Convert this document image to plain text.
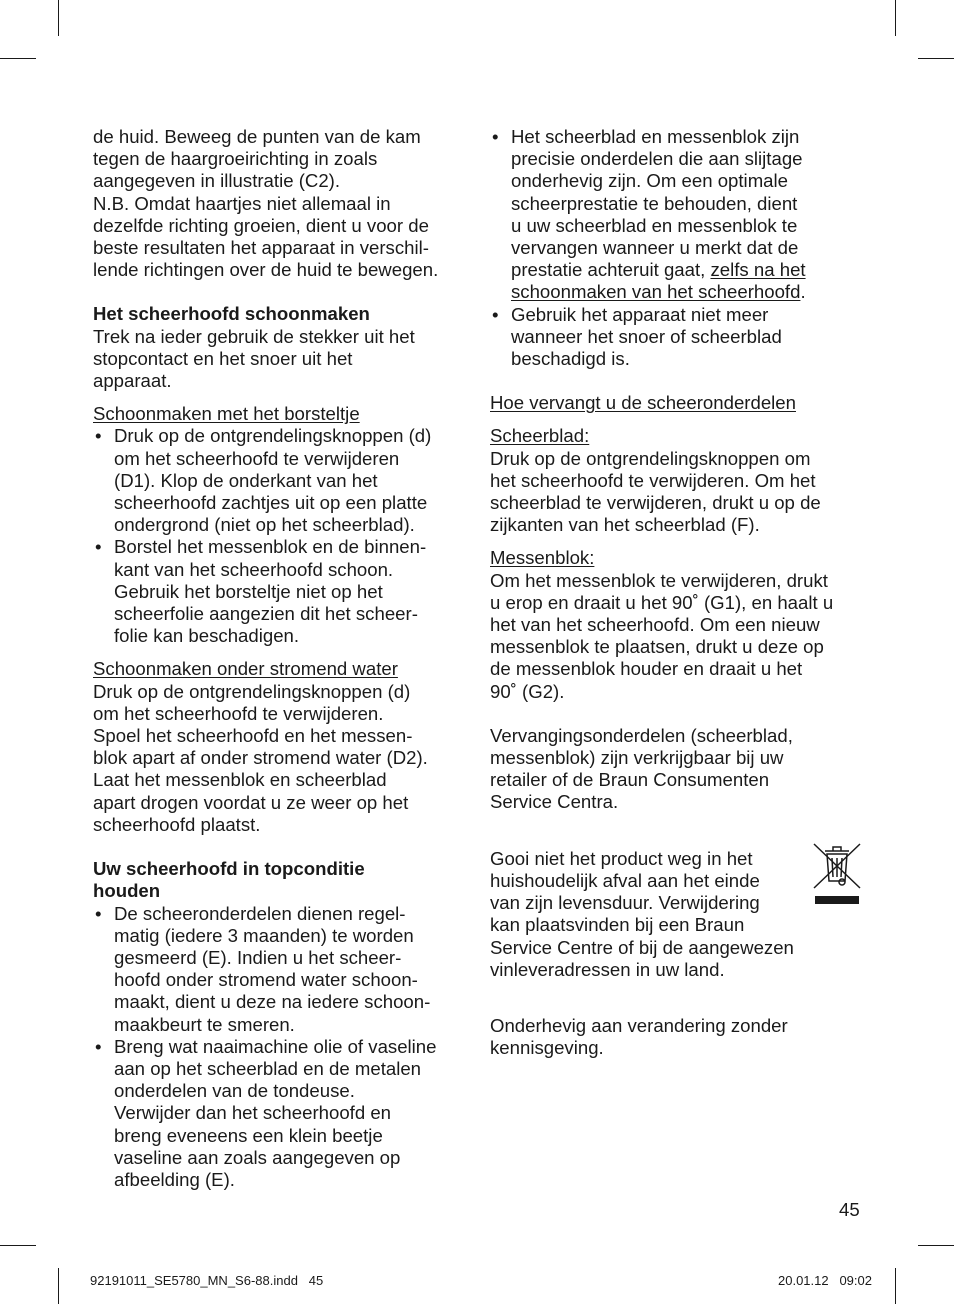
de huid. Beweeg de punten van de kam
tegen de haargroeirichting in zoals
aangegeven in illustratie (C2).
N.B. Omdat haartjes niet allemaal in
dezelfde richting groeien, dient u voor de
beste resultaten het apparaat in verschil-
lende richtingen over de huid te bewegen.

Het scheerhoofd schoonmaken

Trek na ieder gebruik de stekker uit het
stopcontact en het snoer uit het
apparaat.

Schoonmaken met het borsteltje

• Druk op de ontgrendelingsknoppen (d)
om het scheerhoofd te verwijderen
(D1). Klop de onderkant van het
scheerhoofd zachtjes uit op een platte
ondergrond (niet op het scheerblad).
• Borstel het messenblok en de binnen-
kant van het scheerhoofd schoon.
Gebruik het borsteltje niet op het
scheerfolie aangezien dit het scheer-
folie kan beschadigen.

Schoonmaken onder stromend water

Druk op de ontgrendelingsknoppen (d)
om het scheerhoofd te verwijderen.
Spoel het scheerhoofd en het messen-
blok apart af onder stromend water (D2).
Laat het messenblok en scheerblad
apart drogen voordat u ze weer op het
scheerhoofd plaatst.

Uw scheerhoofd in topconditie
houden

• De scheeronderdelen dienen regel-
matig (iedere 3 maanden) te worden
gesmeerd (E). Indien u het scheer-
hoofd onder stromend water schoon-
maakt, dient u deze na iedere schoon-
maakbeurt te smeren.
• Breng wat naaimachine olie of vaseline
aan op het scheerblad en de metalen
onderdelen van de tondeuse.
Verwijder dan het scheerhoofd en
breng eveneens een klein beetje
vaseline aan zoals aangegeven op
afbeelding (E).
• Het scheerblad en messenblok zijn
precisie onderdelen die aan slijtage
onderhevig zijn. Om een optimale
scheerprestatie te behouden, dient
u uw scheerblad en messenblok te
vervangen wanneer u merkt dat de
prestatie achteruit gaat, zelfs na het
schoonmaken van het scheerhoofd.
• Gebruik het apparaat niet meer
wanneer het snoer of scheerblad
beschadigd is.

Hoe vervangt u de scheeronderdelen

Scheerblad:

Druk op de ontgrendelingsknoppen om
het scheerhoofd te verwijderen. Om het
scheerblad te verwijderen, drukt u op de
zijkanten van het scheerblad (F).

Messenblok:

Om het messenblok te verwijderen, drukt
u erop en draait u het 90˚ (G1), en haalt u
het van het scheerhoofd. Om een nieuw
messenblok te plaatsen, drukt u deze op
de messenblok houder en draait u het
90˚ (G2).

Vervangingsonderdelen (scheerblad,
messenblok) zijn verkrijgbaar bij uw
retailer of de Braun Consumenten
Service Centra.

Gooi niet het product weg in het
huishoudelijk afval aan het einde
van zijn levensduur. Verwijdering
kan plaatsvinden bij een Braun
Service Centre of bij de aangewezen
vinleveradressen in uw land.

Onderhevig aan verandering zonder
kennisgeving.

45
92191011_SE5780_MN_S6-88.indd   45	20.01.12   09:02
